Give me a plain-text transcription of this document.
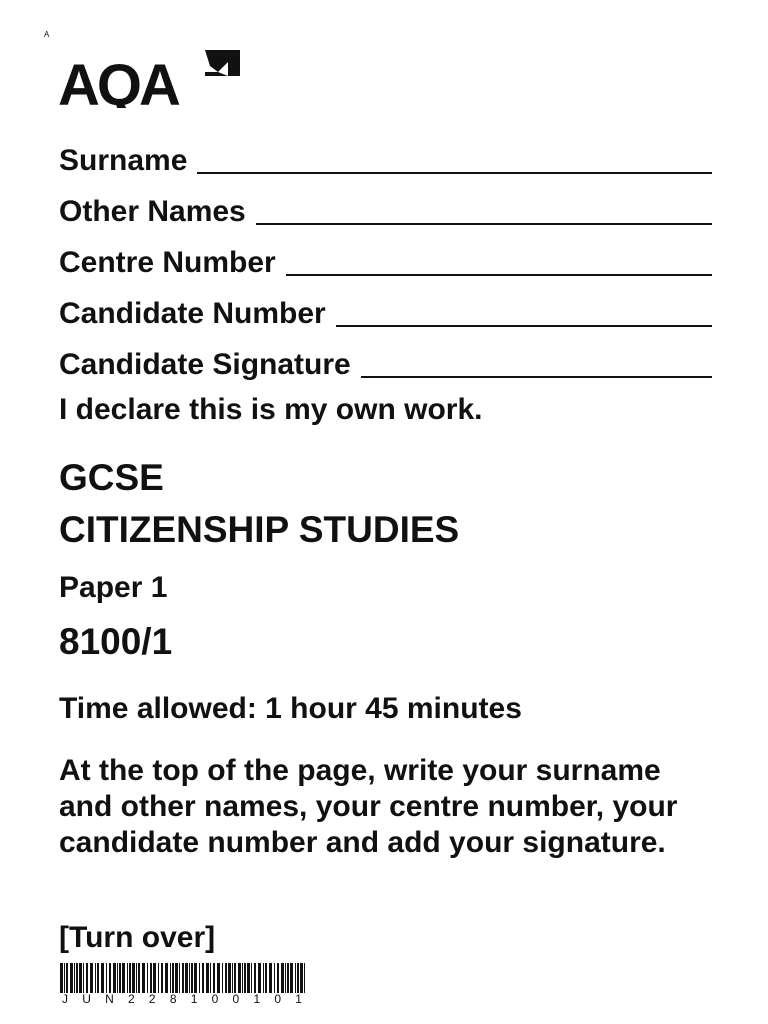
A
AQA
Surname
Other Names
Centre Number
Candidate Number
Candidate Signature
I declare this is my own work.
GCSE
CITIZENSHIP STUDIES
Paper 1
8100/1
Time allowed: 1 hour 45 minutes
At the top of the page, write your surname and other names, your centre number, your candidate number and add your signature.
[Turn over]
J U N 2 2 8 1 0 0 1 0 1
